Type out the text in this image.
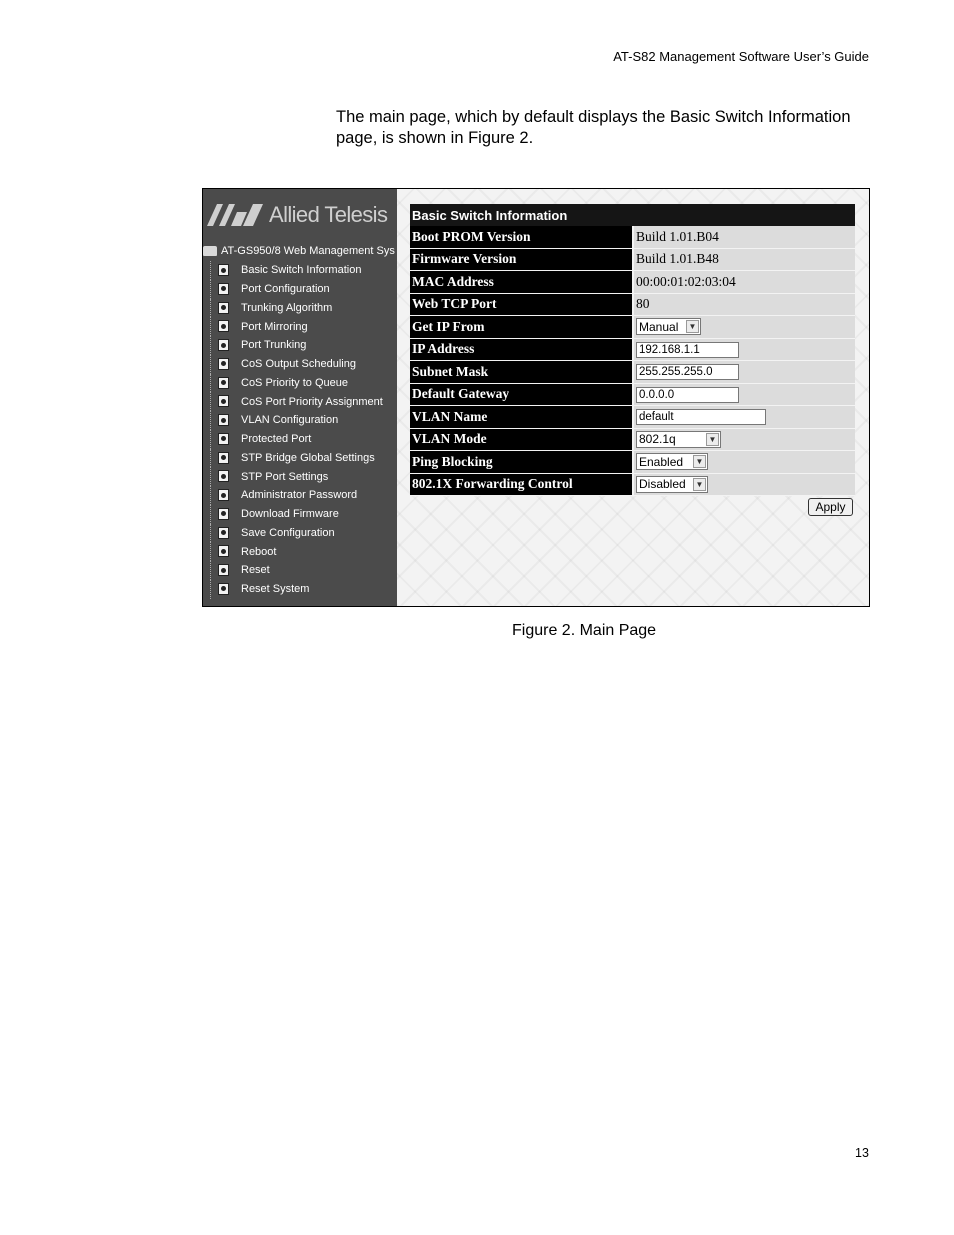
AT-S82 Management Software User’s Guide
The main page, which by default displays the Basic Switch Information page, is shown in Figure 2.
Allied Telesis
AT-GS950/8 Web Management Sys
Basic Switch Information
Port Configuration
Trunking Algorithm
Port Mirroring
Port Trunking
CoS Output Scheduling
CoS Priority to Queue
CoS Port Priority Assignment
VLAN Configuration
Protected Port
STP Bridge Global Settings
STP Port Settings
Administrator Password
Download Firmware
Save Configuration
Reboot
Reset
Reset System
Basic Switch Information	
Boot PROM Version	Build 1.01.B04
Firmware Version	Build 1.01.B48
MAC Address	00:00:01:02:03:04
Web TCP Port	80
Get IP From	Manual ▼

IP Address	192.168.1.1
Subnet Mask	255.255.255.0
Default Gateway	0.0.0.0
VLAN Name	default
VLAN Mode	802.1q ▼

Ping Blocking	Enabled ▼

802.1X Forwarding Control	Disabled ▼
Apply
Figure 2. Main Page
13
